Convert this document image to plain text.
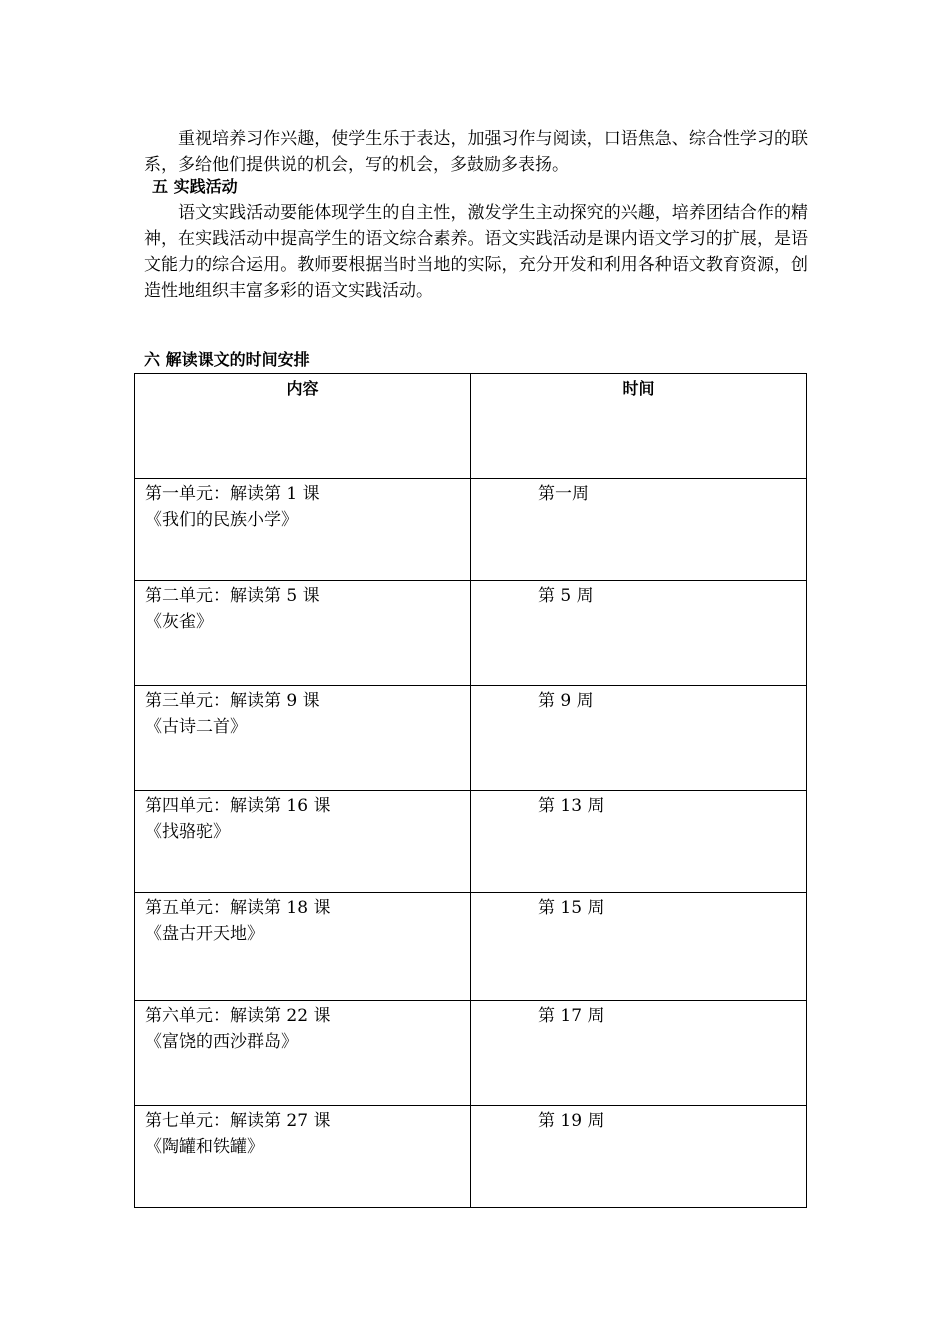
重视培养习作兴趣，使学生乐于表达，加强习作与阅读，口语焦急、综合性学习的联系，多给他们提供说的机会，写的机会，多鼓励多表扬。

五 实践活动

语文实践活动要能体现学生的自主性，激发学生主动探究的兴趣，培养团结合作的精神，在实践活动中提高学生的语文综合素养。语文实践活动是课内语文学习的扩展，是语文能力的综合运用。教师要根据当时当地的实际，充分开发和利用各种语文教育资源，创造性地组织丰富多彩的语文实践活动。

六 解读课文的时间安排
内容	时间

第一单元：解读第 1 课
《我们的民族小学》	第一周

第二单元：解读第 5 课
《灰雀》	第 5 周

第三单元：解读第 9 课
《古诗二首》	第 9 周

第四单元：解读第 16 课
《找骆驼》	第 13 周

第五单元：解读第 18 课
《盘古开天地》	第 15 周

第六单元：解读第 22 课
《富饶的西沙群岛》	第 17 周

第七单元：解读第 27 课
《陶罐和铁罐》	第 19 周
